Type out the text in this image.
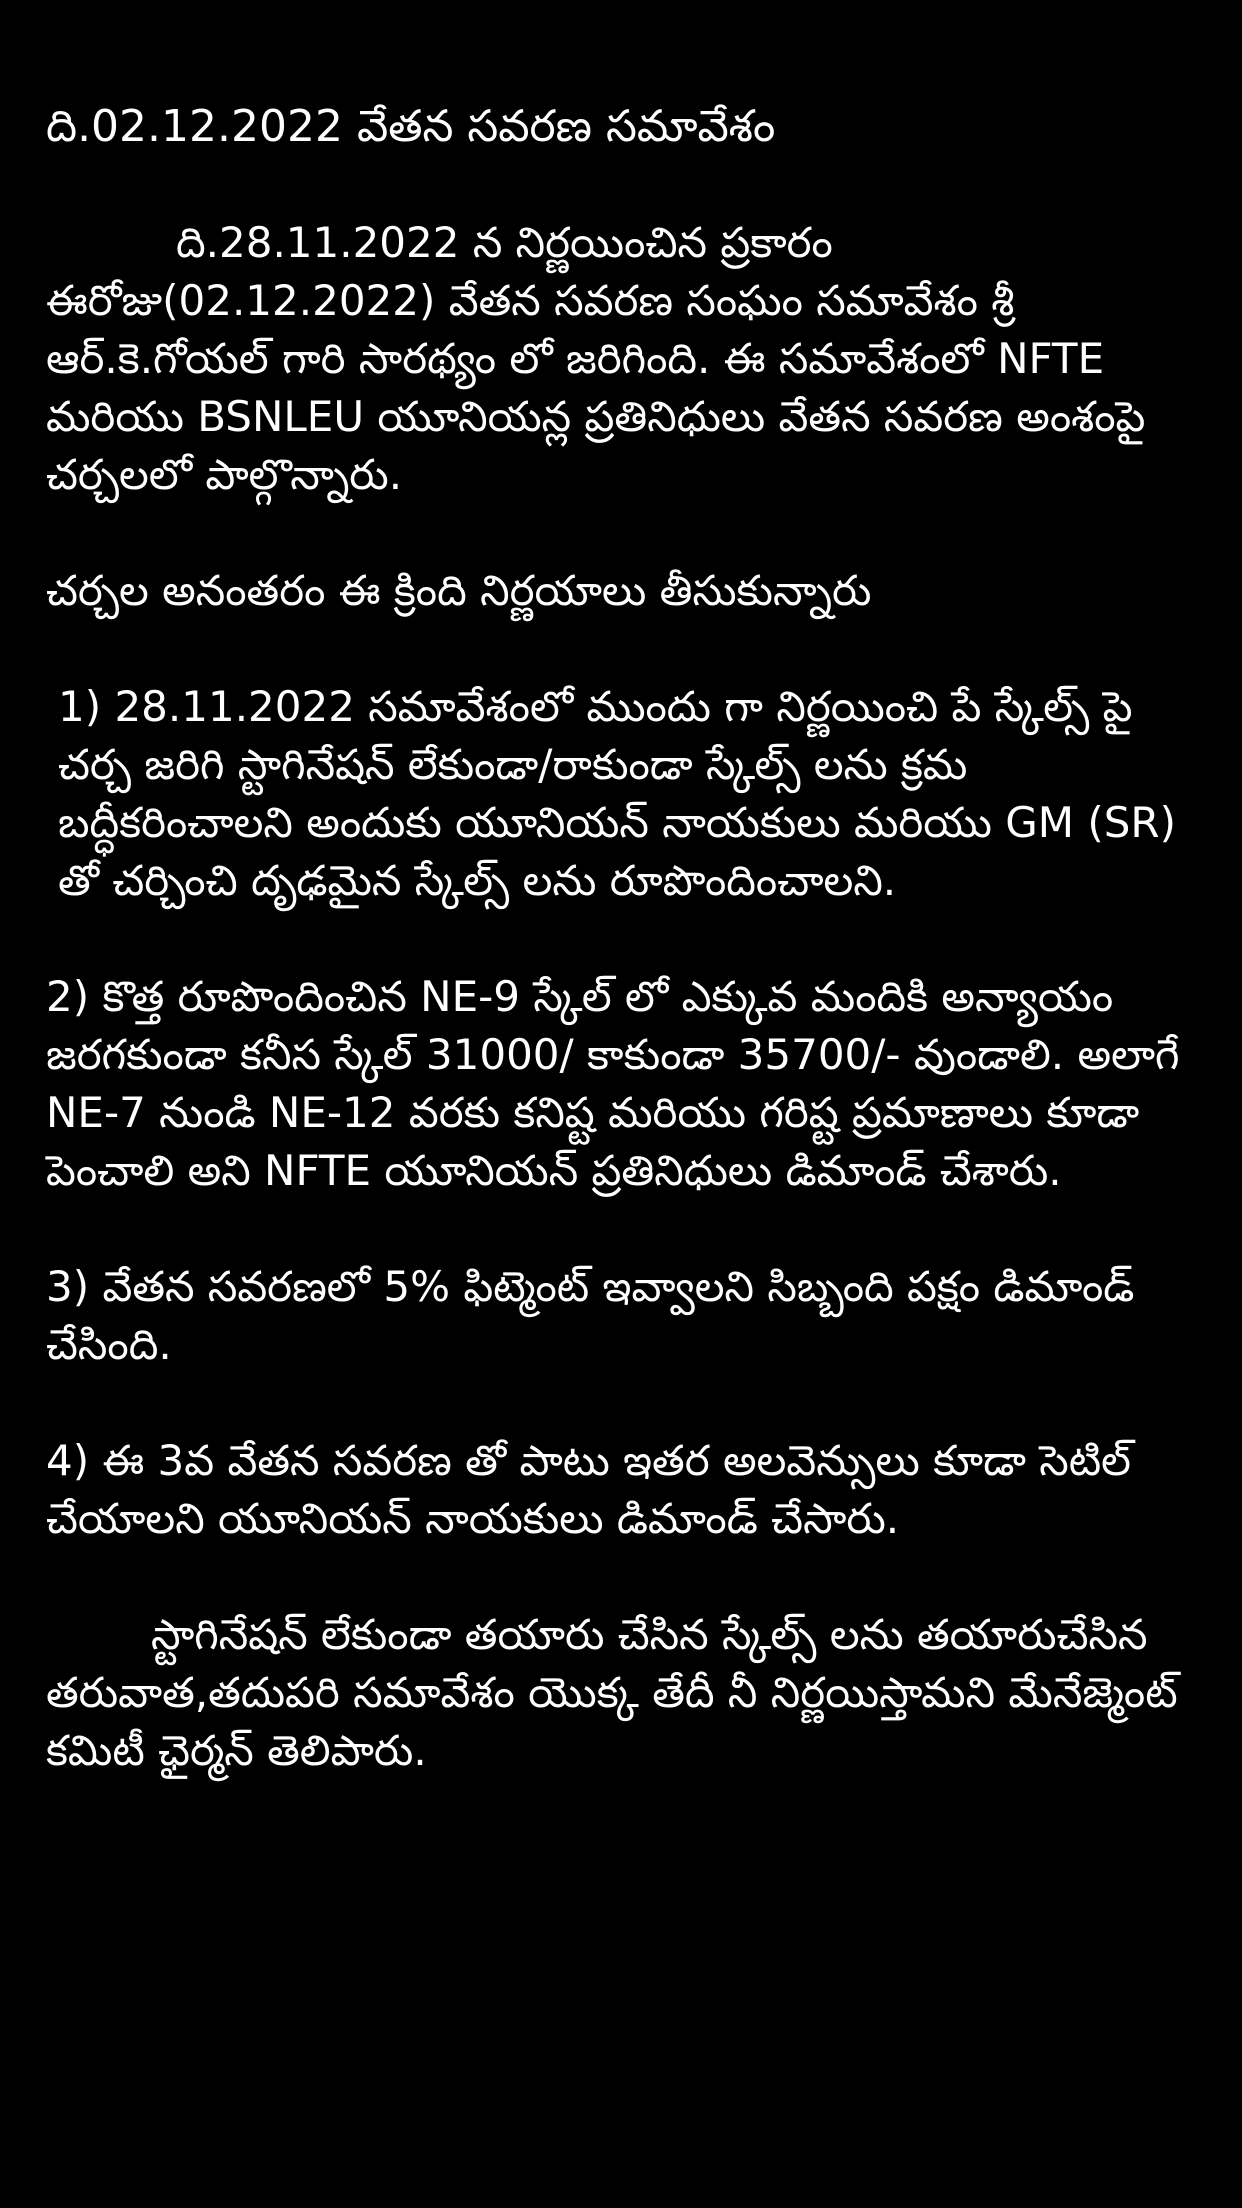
ది.02.12.2022 వేతన సవరణ సమావేశం
ది.28.11.2022 న నిర్ణయించిన ప్రకారం ఈరోజు(02.12.2022) వేతన సవరణ సంఘం సమావేశం శ్రీ ఆర్.కె.గోయల్ గారి సారథ్యం లో జరిగింది. ఈ సమావేశంలో NFTE మరియు BSNLEU యూనియన్ల ప్రతినిధులు వేతన సవరణ అంశంపై చర్చలలో పాల్గొన్నారు.
చర్చల అనంతరం ఈ క్రింది నిర్ణయాలు తీసుకున్నారు
1) 28.11.2022 సమావేశంలో ముందు గా నిర్ణయించి పే స్కేల్స్ పై చర్చ జరిగి స్టాగినేషన్ లేకుండా/రాకుండా స్కేల్స్ లను క్రమ బద్ధీకరించాలని అందుకు యూనియన్ నాయకులు మరియు GM (SR) తో చర్చించి దృఢమైన స్కేల్స్ లను రూపొందించాలని.
2) కొత్త రూపొందించిన NE-9 స్కేల్ లో ఎక్కువ మందికి అన్యాయం జరగకుండా కనీస స్కేల్ 31000/ కాకుండా 35700/- వుండాలి. అలాగే NE-7 నుండి NE-12 వరకు కనిష్ట మరియు గరిష్ట ప్రమాణాలు కూడా పెంచాలి అని NFTE యూనియన్ ప్రతినిధులు డిమాండ్ చేశారు.
3) వేతన సవరణలో 5% ఫిట్మెంట్ ఇవ్వాలని సిబ్బంది పక్షం డిమాండ్ చేసింది.
4) ఈ 3వ వేతన సవరణ తో పాటు ఇతర అలవెన్సులు కూడా సెటిల్ చేయాలని యూనియన్ నాయకులు డిమాండ్ చేసారు.
స్టాగినేషన్ లేకుండా తయారు చేసిన స్కేల్స్ లను తయారుచేసిన తరువాత,తదుపరి సమావేశం యొక్క తేదీ నీ నిర్ణయిస్తామని మేనేజ్మెంట్ కమిటీ ఛైర్మన్ తెలిపారు.
